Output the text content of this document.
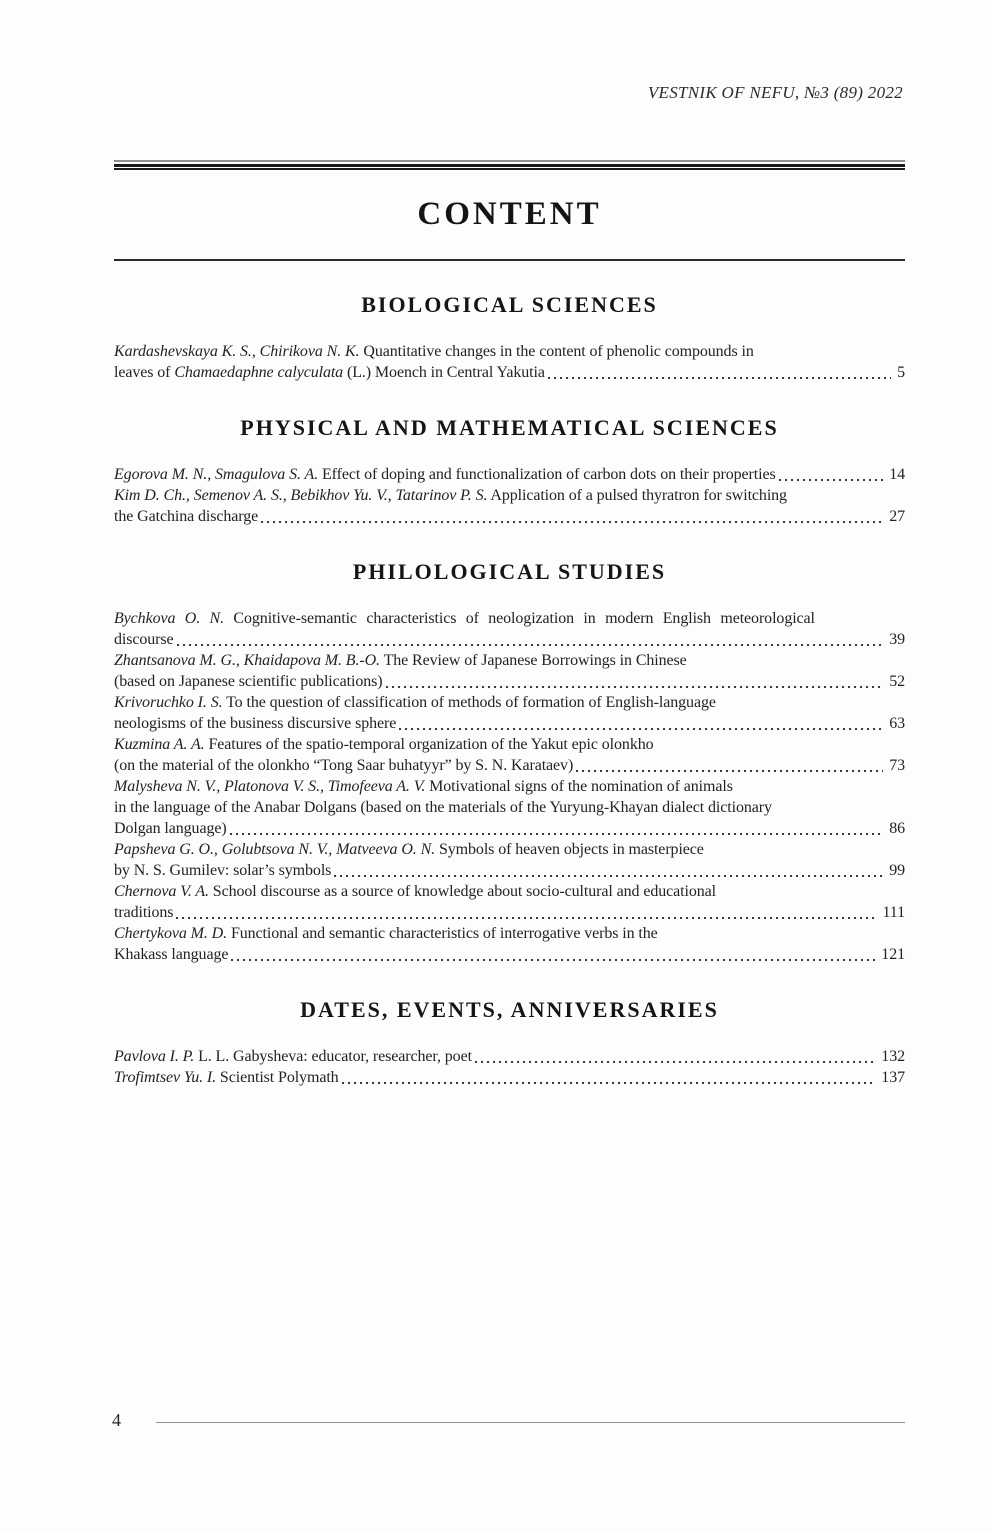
VESTNIK OF NEFU, №3 (89) 2022
CONTENT
BIOLOGICAL SCIENCES
Kardashevskaya K. S., Chirikova N. K. Quantitative changes in the content of phenolic compounds in
leaves of Chamaedaphne calyculata (L.) Moench in Central Yakutia	5
PHYSICAL AND MATHEMATICAL SCIENCES
Egorova M. N., Smagulova S. A. Effect of doping and functionalization of carbon dots on their properties	14
Kim D. Ch., Semenov A. S., Bebikhov Yu. V., Tatarinov P. S. Application of a pulsed thyratron for switching
the Gatchina discharge	27
PHILOLOGICAL STUDIES
Bychkova O. N. Cognitive-semantic characteristics of neologization in modern English meteorological
discourse	39
Zhantsanova M. G., Khaidapova M. B.-O. The Review of Japanese Borrowings in Chinese
(based on Japanese scientific publications)	52
Krivoruchko I. S. To the question of classification of methods of formation of English-language
neologisms of the business discursive sphere	63
Kuzmina A. A. Features of the spatio-temporal organization of the Yakut epic olonkho
(on the material of the olonkho “Tong Saar buhatyyr” by S. N. Karataev)	73
Malysheva N. V., Platonova V. S., Timofeeva A. V. Motivational signs of the nomination of animals
in the language of the Anabar Dolgans (based on the materials of the Yuryung-Khayan dialect dictionary
Dolgan language)	86
Papsheva G. O., Golubtsova N. V., Matveeva O. N. Symbols of heaven objects in masterpiece
by N. S. Gumilev: solar’s symbols	99
Chernova V. A. School discourse as a source of knowledge about socio-cultural and educational
traditions	111
Chertykova M. D. Functional and semantic characteristics of interrogative verbs in the
Khakass language	121
DATES, EVENTS, ANNIVERSARIES
Pavlova I. P. L. L. Gabysheva: educator, researcher, poet	132
Trofimtsev Yu. I. Scientist Polymath	137
4
